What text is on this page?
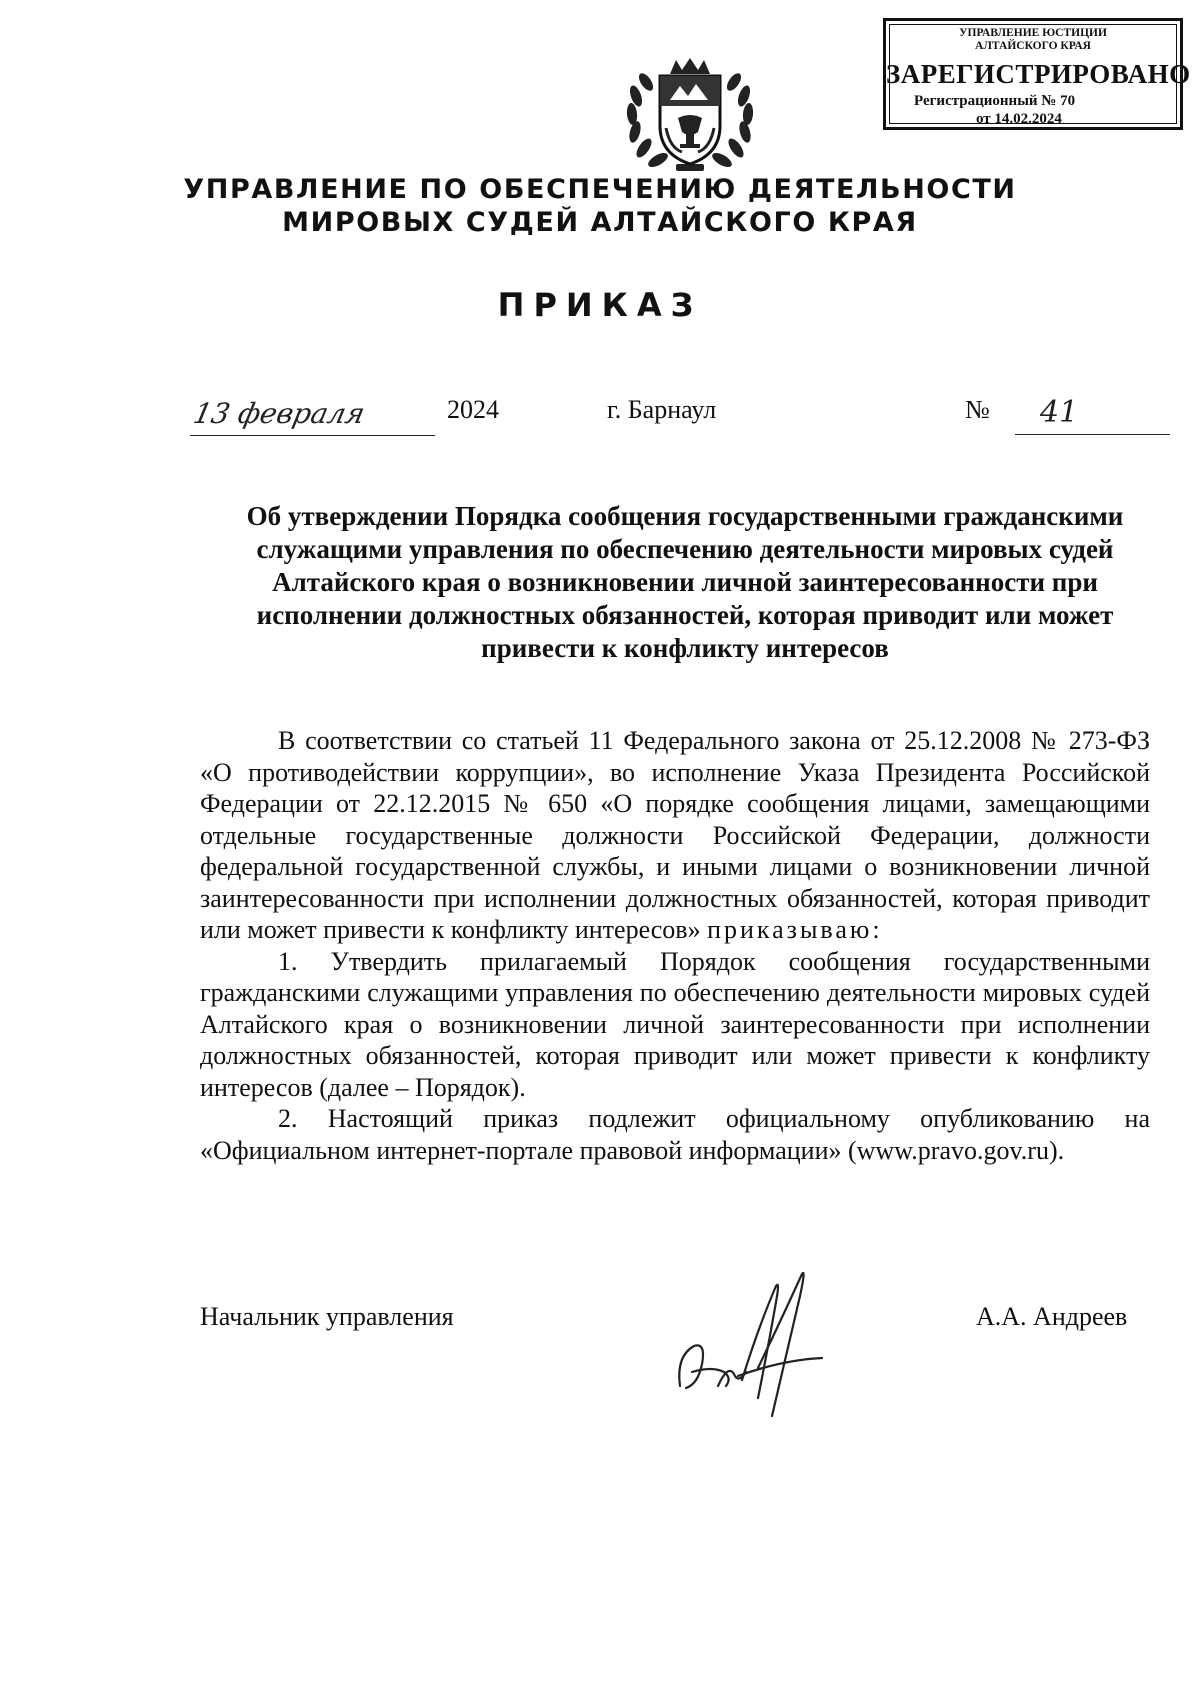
УПРАВЛЕНИЕ ЮСТИЦИИ
АЛТАЙСКОГО КРАЯ
ЗАРЕГИСТРИРОВАНО
Регистрационный № 70
от 14.02.2024
УПРАВЛЕНИЕ ПО ОБЕСПЕЧЕНИЮ ДЕЯТЕЛЬНОСТИ
МИРОВЫХ СУДЕЙ АЛТАЙСКОГО КРАЯ
ПРИКАЗ
13 февраля	2024	г. Барнаул	№	41
Об утверждении Порядка сообщения государственными гражданскими
служащими управления по обеспечению деятельности мировых судей
Алтайского края о возникновении личной заинтересованности при
исполнении должностных обязанностей, которая приводит или может
привести к конфликту интересов

В соответствии со статьей 11 Федерального закона от 25.12.2008 № 273-ФЗ «О противодействии коррупции», во исполнение Указа Президента Российской Федерации от 22.12.2015 № 650 «О порядке сообщения лицами, замещающими отдельные государственные должности Российской Федерации, должности федеральной государственной службы, и иными лицами о возникновении личной заинтересованности при исполнении должностных обязанностей, которая приводит или может привести к конфликту интересов» приказываю:

1. Утвердить прилагаемый Порядок сообщения государственными гражданскими служащими управления по обеспечению деятельности мировых судей Алтайского края о возникновении личной заинтересованности при исполнении должностных обязанностей, которая приводит или может привести к конфликту интересов (далее – Порядок).

2. Настоящий приказ подлежит официальному опубликованию на «Официальном интернет-портале правовой информации» (www.pravo.gov.ru).

Начальник управления	А.А. Андреев
